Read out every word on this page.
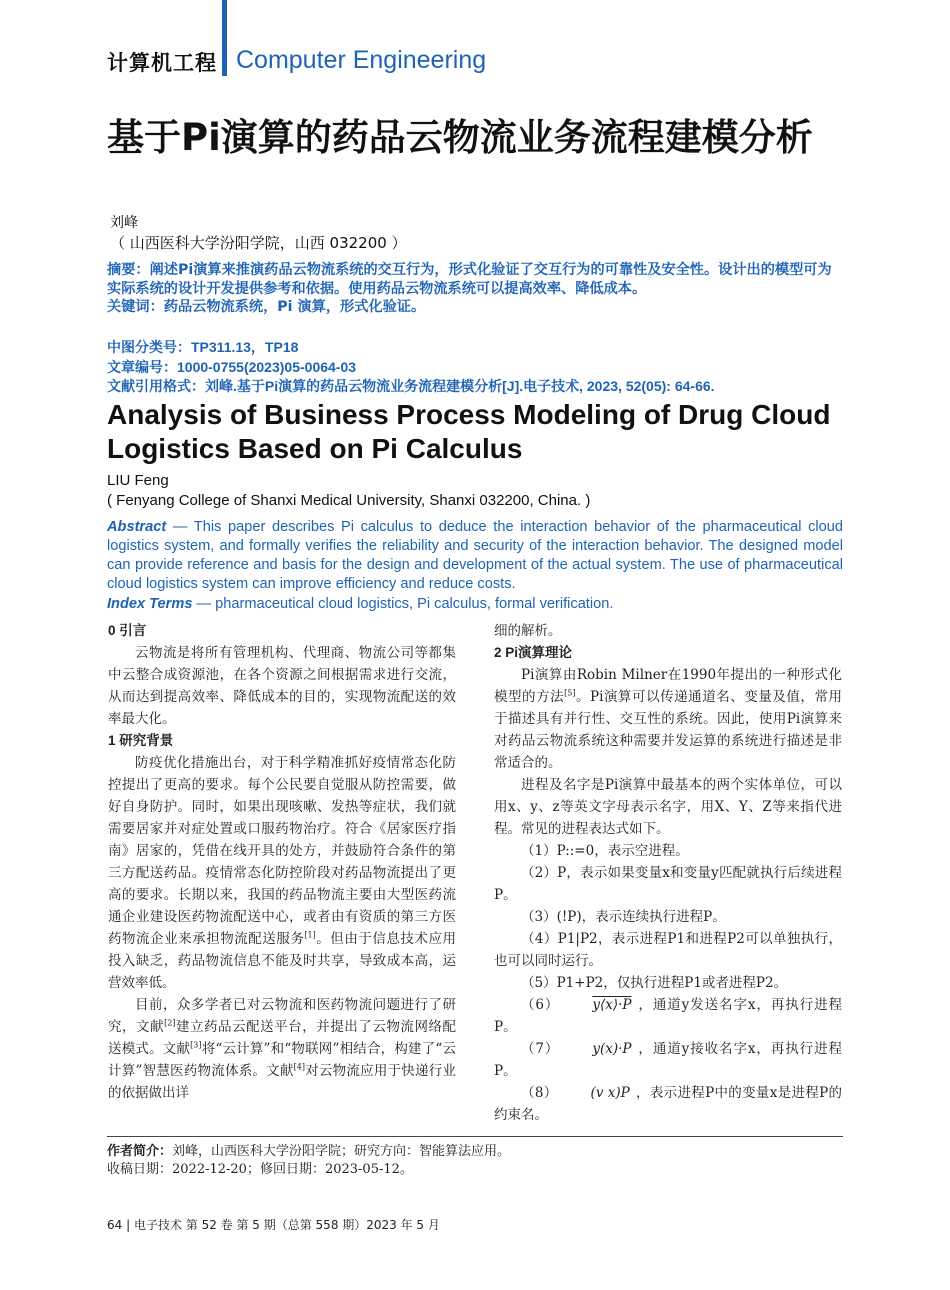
计算机工程 Computer Engineering
基于Pi演算的药品云物流业务流程建模分析
刘峰
（ 山西医科大学汾阳学院，山西 032200 ）
摘要：阐述Pi演算来推演药品云物流系统的交互行为，形式化验证了交互行为的可靠性及安全性。设计出的模型可为实际系统的设计开发提供参考和依据。使用药品云物流系统可以提高效率、降低成本。
关键词：药品云物流系统，Pi 演算，形式化验证。
中图分类号：TP311.13，TP18
文章编号：1000-0755(2023)05-0064-03
文献引用格式：刘峰.基于Pi演算的药品云物流业务流程建模分析[J].电子技术, 2023, 52(05): 64-66.
Analysis of Business Process Modeling of Drug Cloud Logistics Based on Pi Calculus
LIU Feng
( Fenyang College of Shanxi Medical University, Shanxi 032200, China. )
Abstract — This paper describes Pi calculus to deduce the interaction behavior of the pharmaceutical cloud logistics system, and formally verifies the reliability and security of the interaction behavior. The designed model can provide reference and basis for the design and development of the actual system. The use of pharmaceutical cloud logistics system can improve efficiency and reduce costs.
Index Terms — pharmaceutical cloud logistics, Pi calculus, formal verification.

0 引言

云物流是将所有管理机构、代理商、物流公司等都集中云整合成资源池，在各个资源之间根据需求进行交流，从而达到提高效率、降低成本的目的，实现物流配送的效率最大化。

1 研究背景

防疫优化措施出台，对于科学精准抓好疫情常态化防控提出了更高的要求。每个公民要自觉服从防控需要，做好自身防护。同时，如果出现咳嗽、发热等症状，我们就需要居家并对症处置或口服药物治疗。符合《居家医疗指南》居家的，凭借在线开具的处方，并鼓励符合条件的第三方配送药品。疫情常态化防控阶段对药品物流提出了更高的要求。长期以来，我国的药品物流主要由大型医药流通企业建设医药物流配送中心，或者由有资质的第三方医药物流企业来承担物流配送服务[1]。但由于信息技术应用投入缺乏，药品物流信息不能及时共享，导致成本高，运营效率低。

目前，众多学者已对云物流和医药物流问题进行了研究，文献[2]建立药品云配送平台，并提出了云物流网络配送模式。文献[3]将“云计算”和“物联网”相结合，构建了“云计算”智慧医药物流体系。文献[4]对云物流应用于快递行业的依据做出详

细的解析。

2 Pi演算理论

Pi演算由Robin Milner在1990年提出的一种形式化模型的方法[5]。Pi演算可以传递通道名、变量及值，常用于描述具有并行性、交互性的系统。因此，使用Pi演算来对药品云物流系统这种需要并发运算的系统进行描述是非常适合的。

进程及名字是Pi演算中最基本的两个实体单位，可以用x、y、z等英文字母表示名字，用X、Y、Z等来指代进程。常见的进程表达式如下。

（1）P::=0，表示空进程。

（2）P，表示如果变量x和变量y匹配就执行后续进程P。

（3）(!P)，表示连续执行进程P。

（4）P1|P2，表示进程P1和进程P2可以单独执行，也可以同时运行。

（5）P1+P2，仅执行进程P1或者进程P2。

（6） y⟨x⟩·P ，通道y发送名字x，再执行进程P。

（7） y(x)·P ，通道y接收名字x，再执行进程P。

（8） (v x)P ，表示进程P中的变量x是进程P的约束名。

作者简介：刘峰，山西医科大学汾阳学院；研究方向：智能算法应用。
收稿日期：2022-12-20；修回日期：2023-05-12。
64 | 电子技术 第 52 卷 第 5 期（总第 558 期）2023 年 5 月
